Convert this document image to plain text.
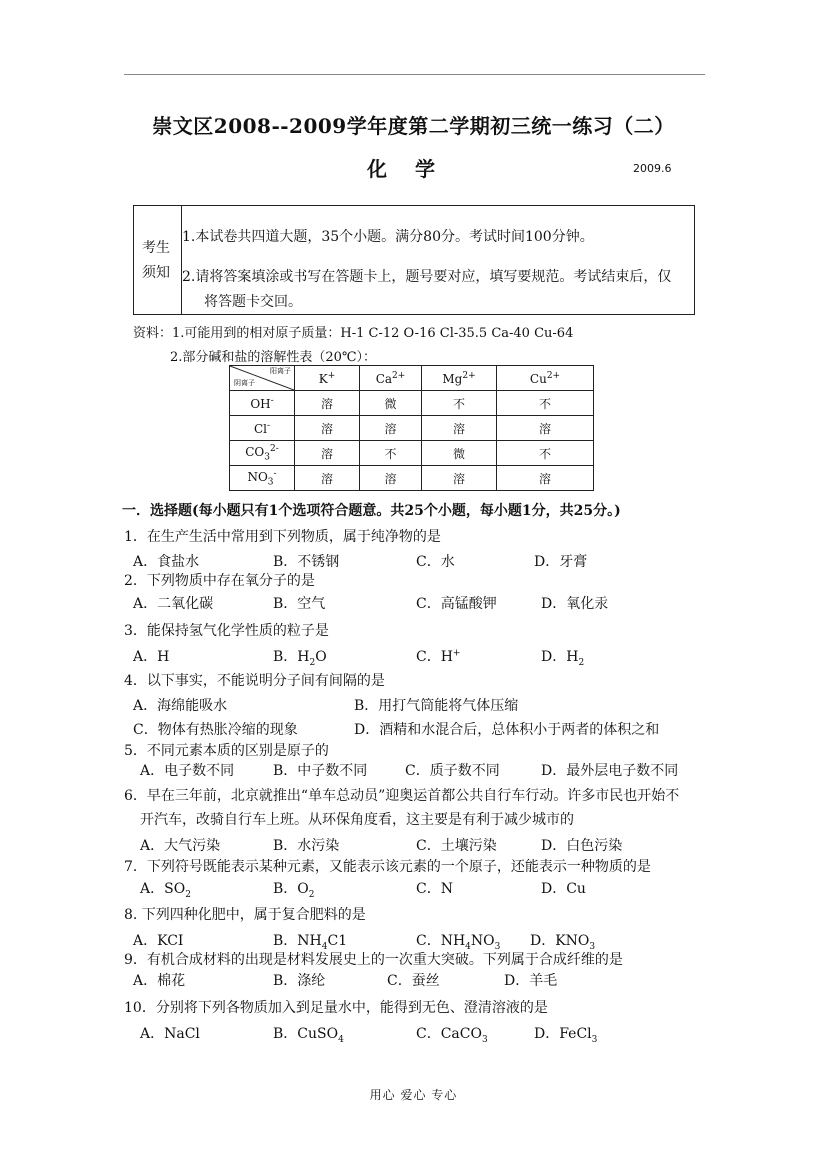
崇文区2008--2009学年度第二学期初三统一练习（二）
化学	2009.6
考生
须知
1.本试卷共四道大题，35个小题。满分80分。考试时间100分钟。
2.请将答案填涂或书写在答题卡上，题号要对应，填写要规范。考试结束后，仅
将答题卡交回。
资料：1.可能用到的相对原子质量：H-1 C-12 O-16 Cl-35.5 Ca-40 Cu-64
2.部分碱和盐的溶解性表（20℃）：
阳离子
阴离子	K+	$Ca^{2+}$	$Mg^{2+}$	$Cu^{2+}$
OH-	溶	微	不	不
Cl-	溶	溶	溶	溶
$CO_3^{2-}$	溶	不	微	不
$NO_3^-$	溶	溶	溶	溶
一．选择题(每小题只有1个选项符合题意。共25个小题，每小题1分，共25分。)
1．在生产生活中常用到下列物质，属于纯净物的是
A．食盐水	B．不锈钢	C．水	D．牙膏
2．下列物质中存在氧分子的是
A．二氧化碳	B．空气	C．高锰酸钾	D．氧化汞
3．能保持氢气化学性质的粒子是
A．H	B．$H_2O$	C．H+	D．$H_2$
4．以下事实，不能说明分子间有间隔的是
A．海绵能吸水	B．用打气筒能将气体压缩
C．物体有热胀冷缩的现象	D．酒精和水混合后，总体积小于两者的体积之和
5．不同元素本质的区别是原子的
A．电子数不同	B．中子数不同	C．质子数不同	D．最外层电子数不同
6．早在三年前，北京就推出“单车总动员”迎奥运首都公共自行车行动。许多市民也开始不
开汽车，改骑自行车上班。从环保角度看，这主要是有利于减少城市的
A．大气污染	B．水污染	C．土壤污染	D．白色污染
7．下列符号既能表示某种元素，又能表示该元素的一个原子，还能表示一种物质的是
A．$SO_2$	B．$O_2$	C．N	D．Cu
8. 下列四种化肥中，属于复合肥料的是
A．KCI	B．$NH_4C1$	C．$NH_4NO_3$ D．$KNO_3$
9．有机合成材料的出现是材料发展史上的一次重大突破。下列属于合成纤维的是
A．棉花	B．涤纶	C．蚕丝	D．羊毛
10．分别将下列各物质加入到足量水中，能得到无色、澄清溶液的是
A．NaCl	B．CuSO$_4$	C．CaCO$_3$	D．FeCl$_3$
用心 爱心 专心
